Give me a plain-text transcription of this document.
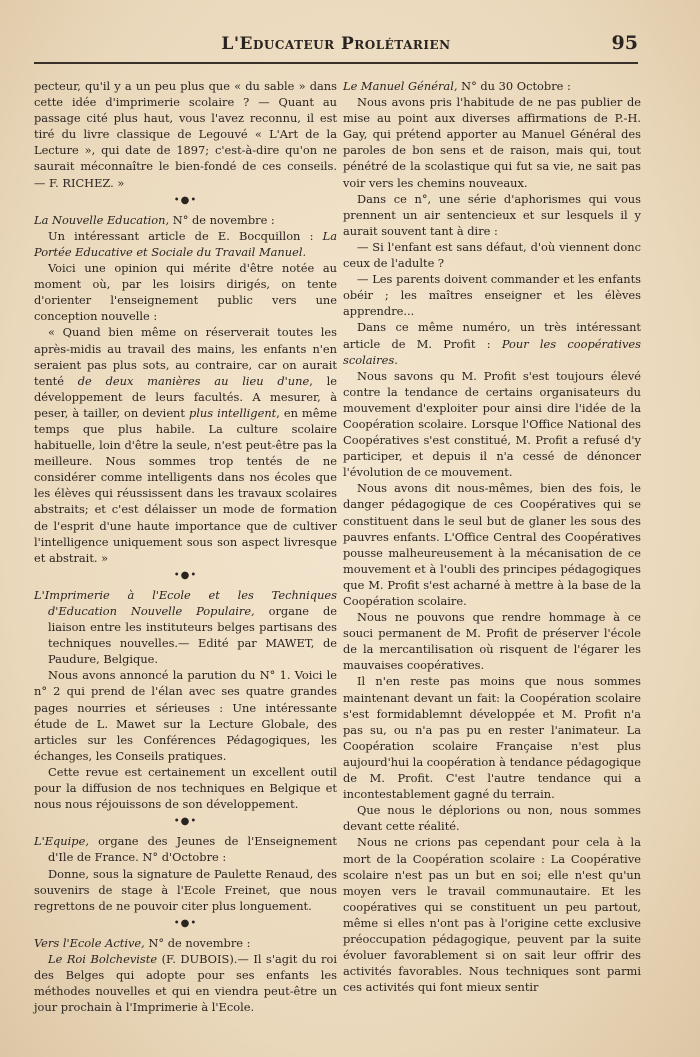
L'Educateur Prolétarien	95

pecteur, qu'il y a un peu plus que « du sable » dans cette idée d'imprimerie scolaire ? — Quant au passage cité plus haut, vous l'avez reconnu, il est tiré du livre classique de Legouvé « L'Art de la Lecture », qui date de 1897; c'est-à-dire qu'on ne saurait méconnaître le bien-fondé de ces conseils. — F. RICHEZ. »

•●•

La Nouvelle Education, N° de novembre :

Un intéressant article de E. Bocquillon : La Portée Educative et Sociale du Travail Manuel.

Voici une opinion qui mérite d'être notée au moment où, par les loisirs dirigés, on tente d'orienter l'enseignement public vers une conception nouvelle :

« Quand bien même on réserverait toutes les après-midis au travail des mains, les enfants n'en seraient pas plus sots, au contraire, car on aurait tenté de deux manières au lieu d'une, le développement de leurs facultés. A mesurer, à peser, à tailler, on devient plus intelligent, en même temps que plus habile. La culture scolaire habituelle, loin d'être la seule, n'est peut-être pas la meilleure. Nous sommes trop tentés de ne considérer comme intelligents dans nos écoles que les élèves qui réussissent dans les travaux scolaires abstraits; et c'est délaisser un mode de formation de l'esprit d'une haute importance que de cultiver l'intelligence uniquement sous son aspect livresque et abstrait. »

•●•

L'Imprimerie à l'Ecole et les Techniques d'Education Nouvelle Populaire, organe de liaison entre les instituteurs belges partisans des techniques nouvelles.— Edité par MAWET, de Paudure, Belgique.

Nous avons annoncé la parution du N° 1. Voici le n° 2 qui prend de l'élan avec ses quatre grandes pages nourries et sérieuses : Une intéressante étude de L. Mawet sur la Lecture Globale, des articles sur les Conférences Pédagogiques, les échanges, les Conseils pratiques.

Cette revue est certainement un excellent outil pour la diffusion de nos techniques en Belgique et nous nous réjouissons de son développement.

•●•

L'Equipe, organe des Jeunes de l'Enseignement d'Ile de France. N° d'Octobre :

Donne, sous la signature de Paulette Renaud, des souvenirs de stage à l'Ecole Freinet, que nous regrettons de ne pouvoir citer plus longuement.

•●•

Vers l'Ecole Active, N° de novembre :

Le Roi Bolcheviste (F. DUBOIS).— Il s'agit du roi des Belges qui adopte pour ses enfants les méthodes nouvelles et qui en viendra peut-être un jour prochain à l'Imprimerie à l'Ecole.

Le Manuel Général, N° du 30 Octobre :

Nous avons pris l'habitude de ne pas publier de mise au point aux diverses affirmations de P.-H. Gay, qui prétend apporter au Manuel Général des paroles de bon sens et de raison, mais qui, tout pénétré de la scolastique qui fut sa vie, ne sait pas voir vers les chemins nouveaux.

Dans ce n°, une série d'aphorismes qui vous prennent un air sentencieux et sur lesquels il y aurait souvent tant à dire :

— Si l'enfant est sans défaut, d'où viennent donc ceux de l'adulte ?

— Les parents doivent commander et les enfants obéir ; les maîtres enseigner et les élèves apprendre...

Dans ce même numéro, un très intéressant article de M. Profit : Pour les coopératives scolaires.

Nous savons qu M. Profit s'est toujours élevé contre la tendance de certains organisateurs du mouvement d'exploiter pour ainsi dire l'idée de la Coopération scolaire. Lorsque l'Office National des Coopératives s'est constitué, M. Profit a refusé d'y participer, et depuis il n'a cessé de dénoncer l'évolution de ce mouvement.

Nous avons dit nous-mêmes, bien des fois, le danger pédagogique de ces Coopératives qui se constituent dans le seul but de glaner les sous des pauvres enfants. L'Office Central des Coopératives pousse malheureusement à la mécanisation de ce mouvement et à l'oubli des principes pédagogiques que M. Profit s'est acharné à mettre à la base de la Coopération scolaire.

Nous ne pouvons que rendre hommage à ce souci permanent de M. Profit de préserver l'école de la mercantilisation où risquent de l'égarer les mauvaises coopératives.

Il n'en reste pas moins que nous sommes maintenant devant un fait: la Coopération scolaire s'est formidablemnt développée et M. Profit n'a pas su, ou n'a pas pu en rester l'animateur. La Coopération scolaire Française n'est plus aujourd'hui la coopération à tendance pédagogique de M. Profit. C'est l'autre tendance qui a incontestablement gagné du terrain.

Que nous le déplorions ou non, nous sommes devant cette réalité.

Nous ne crions pas cependant pour cela à la mort de la Coopération scolaire : La Coopérative scolaire n'est pas un but en soi; elle n'est qu'un moyen vers le travail communautaire. Et les coopératives qui se constituent un peu partout, même si elles n'ont pas à l'origine cette exclusive préoccupation pédagogique, peuvent par la suite évoluer favorablement si on sait leur offrir des activités favorables. Nous techniques sont parmi ces activités qui font mieux sentir
